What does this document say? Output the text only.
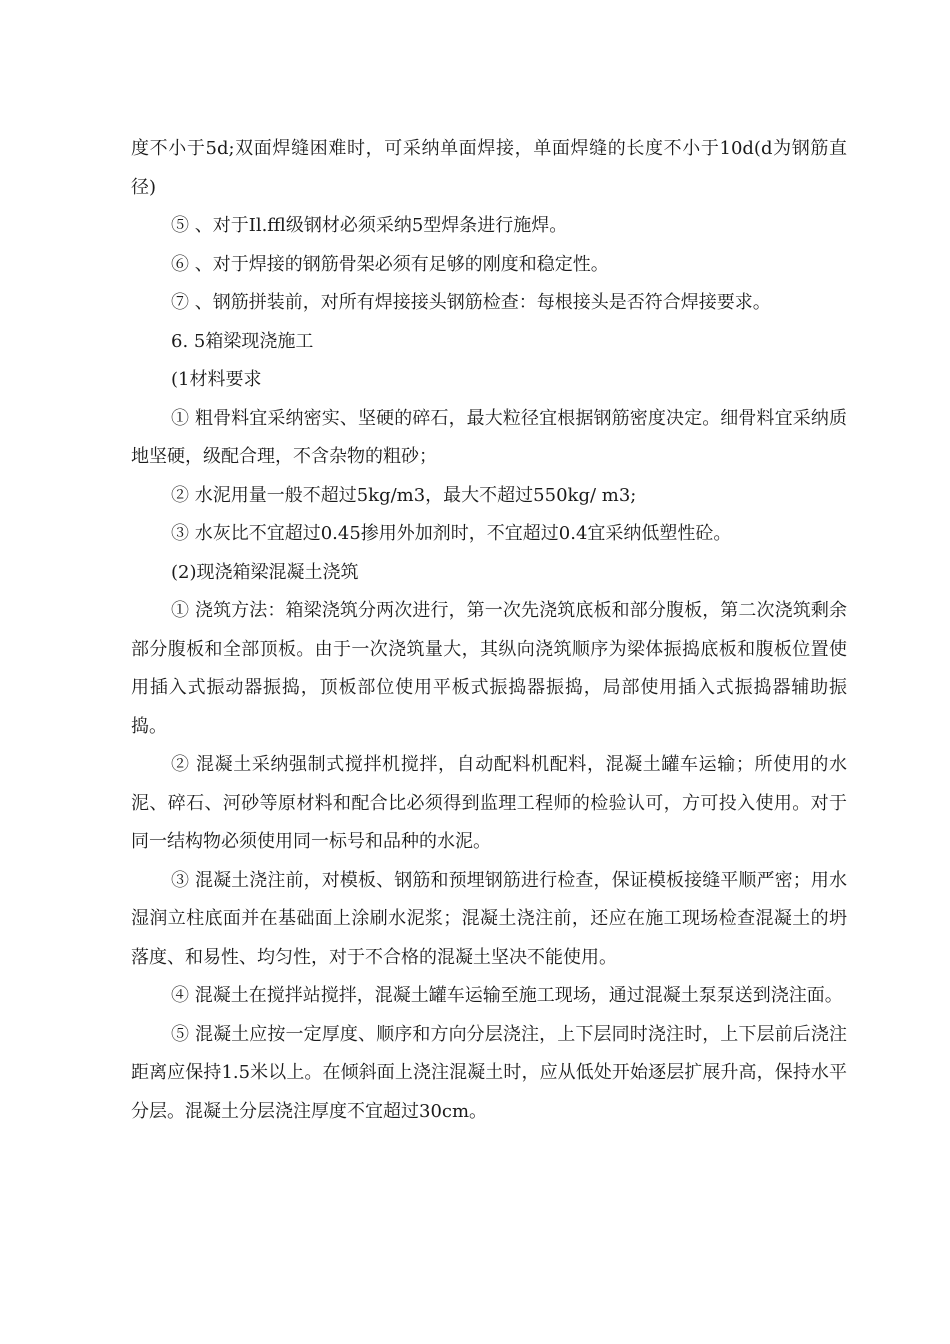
度不小于5d;双面焊缝困难时，可采纳单面焊接，单面焊缝的长度不小于10d(d为钢筋直径)

⑤ 、对于Il.ffl级钢材必须采纳5型焊条进行施焊。

⑥ 、对于焊接的钢筋骨架必须有足够的刚度和稳定性。

⑦ 、钢筋拼装前，对所有焊接接头钢筋检查：每根接头是否符合焊接要求。

6. 5箱梁现浇施工

(1材料要求

① 粗骨料宜采纳密实、坚硬的碎石，最大粒径宜根据钢筋密度决定。细骨料宜采纳质地坚硬，级配合理，不含杂物的粗砂；

② 水泥用量一般不超过5kg/m3，最大不超过550kg/ m3;

③ 水灰比不宜超过0.45掺用外加剂时，不宜超过0.4宜采纳低塑性砼。

(2)现浇箱梁混凝土浇筑

① 浇筑方法：箱梁浇筑分两次进行，第一次先浇筑底板和部分腹板，第二次浇筑剩余部分腹板和全部顶板。由于一次浇筑量大，其纵向浇筑顺序为梁体振捣底板和腹板位置使用插入式振动器振捣，顶板部位使用平板式振捣器振捣，局部使用插入式振捣器辅助振捣。

② 混凝土采纳强制式搅拌机搅拌，自动配料机配料，混凝土罐车运输；所使用的水泥、碎石、河砂等原材料和配合比必须得到监理工程师的检验认可，方可投入使用。对于同一结构物必须使用同一标号和品种的水泥。

③ 混凝土浇注前，对模板、钢筋和预埋钢筋进行检查，保证模板接缝平顺严密；用水湿润立柱底面并在基础面上涂刷水泥浆；混凝土浇注前，还应在施工现场检查混凝土的坍落度、和易性、均匀性，对于不合格的混凝土坚决不能使用。

④ 混凝土在搅拌站搅拌，混凝土罐车运输至施工现场，通过混凝土泵泵送到浇注面。

⑤ 混凝土应按一定厚度、顺序和方向分层浇注，上下层同时浇注时，上下层前后浇注距离应保持1.5米以上。在倾斜面上浇注混凝土时，应从低处开始逐层扩展升高，保持水平分层。混凝土分层浇注厚度不宜超过30cm。
